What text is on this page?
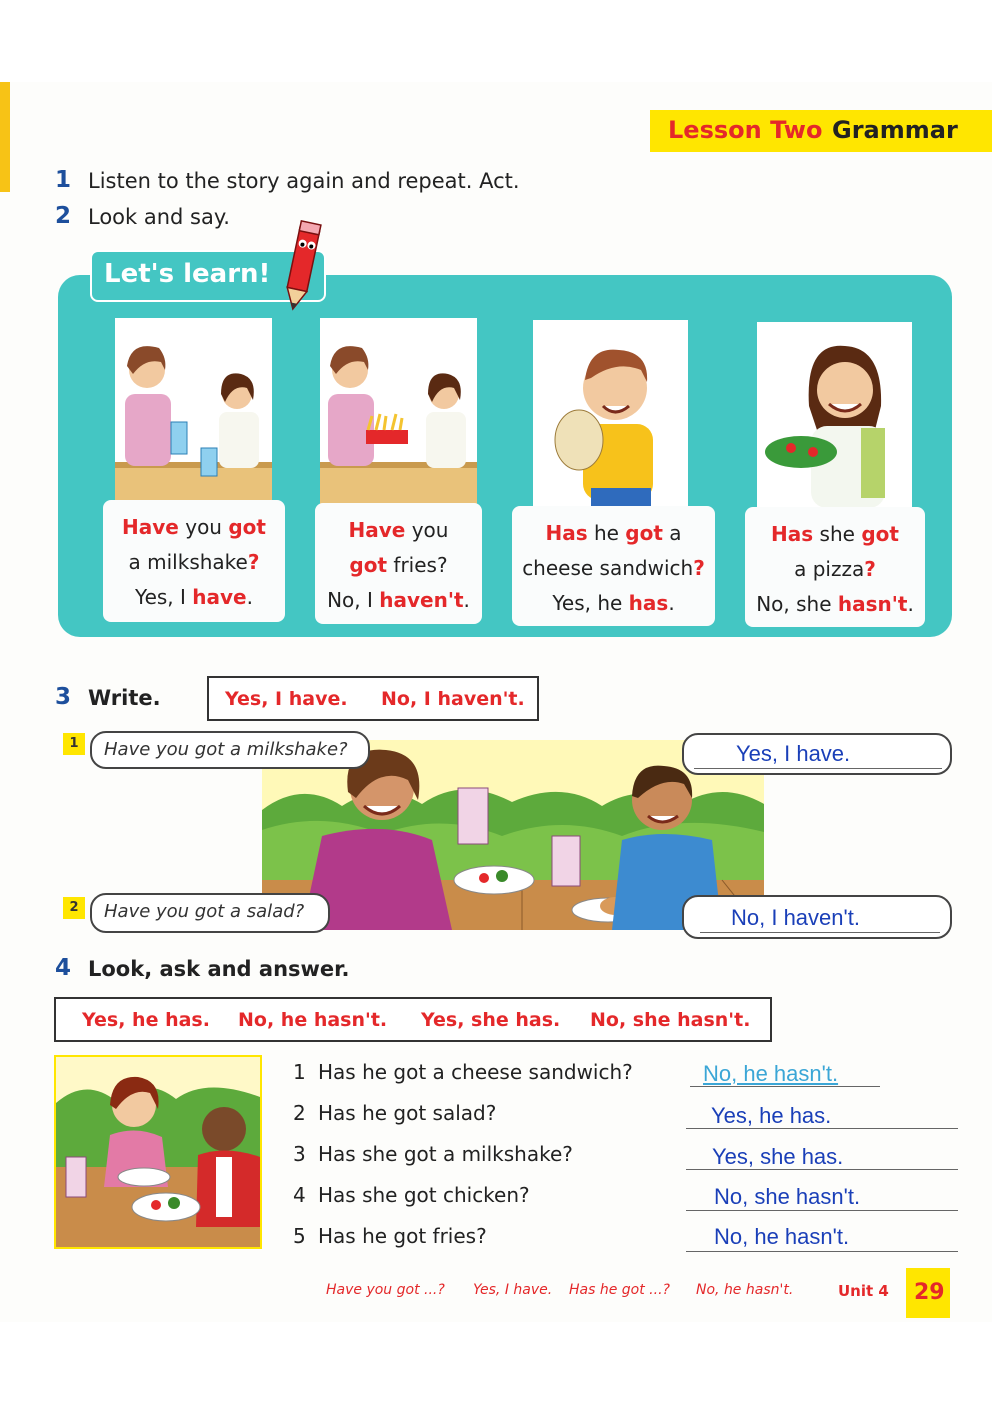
Lesson Two Grammar
1 Listen to the story again and repeat. Act.
2 Look and say.
Let's learn!
Have you got
a milkshake?
Yes, I have.
Have you
got fries?
No, I haven't.
Has he got a
cheese sandwich?
Yes, he has.
Has she got
a pizza?
No, she hasn't.
3 Write.	Yes, I have. No, I haven't.
1	Have you got a milkshake?	Yes, I have.
2	Have you got a salad?	No, I haven't.
4 Look, ask and answer.
Yes, he has. No, he hasn't. Yes, she has. No, she hasn't.
1 Has he got a cheese sandwich?	No, he hasn't.
2 Has he got salad?	Yes, he has.
3 Has she got a milkshake?	Yes, she has.
4 Has she got chicken?	No, she hasn't.
5 Has he got fries?	No, he hasn't.
Have you got ...? Yes, I have. Has he got ...? No, he hasn't.	Unit 4 29
